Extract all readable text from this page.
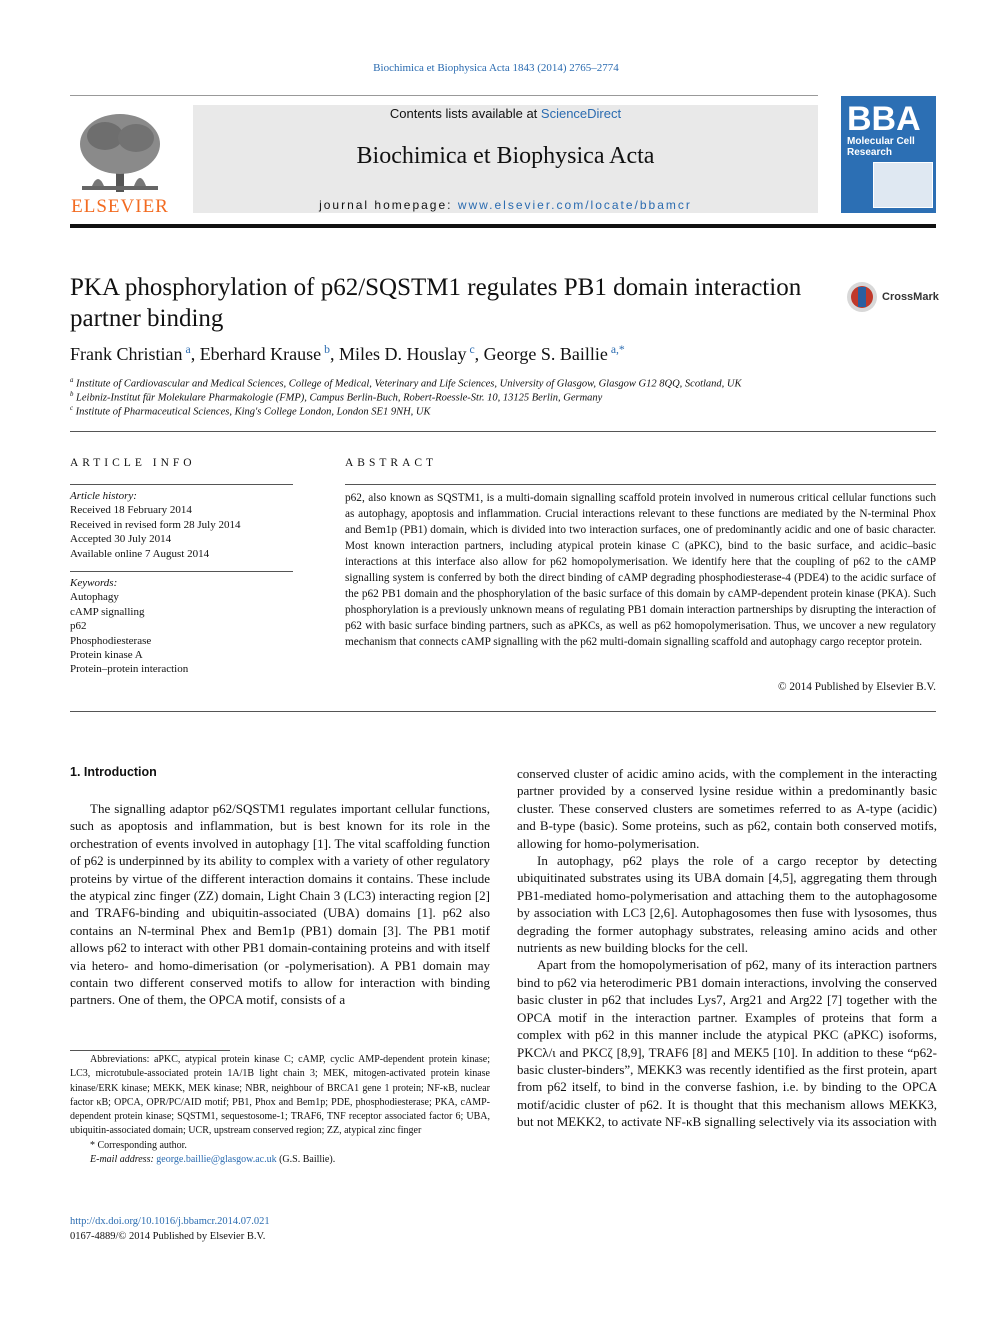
Biochimica et Biophysica Acta 1843 (2014) 2765–2774
ELSEVIER
Contents lists available at ScienceDirect
Biochimica et Biophysica Acta
journal homepage: www.elsevier.com/locate/bbamcr
BBA
Molecular Cell Research
PKA phosphorylation of p62/SQSTM1 regulates PB1 domain interaction partner binding
CrossMark
Frank Christian $^a$, Eberhard Krause $^b$, Miles D. Houslay $^c$, George S. Baillie $^{a,*}$
$^a$ Institute of Cardiovascular and Medical Sciences, College of Medical, Veterinary and Life Sciences, University of Glasgow, Glasgow G12 8QQ, Scotland, UK
$^b$ Leibniz-Institut für Molekulare Pharmakologie (FMP), Campus Berlin-Buch, Robert-Roessle-Str. 10, 13125 Berlin, Germany
$^c$ Institute of Pharmaceutical Sciences, King's College London, London SE1 9NH, UK
ARTICLE INFO
Article history:
Received 18 February 2014
Received in revised form 28 July 2014
Accepted 30 July 2014
Available online 7 August 2014
Keywords:
Autophagy
cAMP signalling
p62
Phosphodiesterase
Protein kinase A
Protein–protein interaction
ABSTRACT
p62, also known as SQSTM1, is a multi-domain signalling scaffold protein involved in numerous critical cellular functions such as autophagy, apoptosis and inflammation. Crucial interactions relevant to these functions are mediated by the N-terminal Phox and Bem1p (PB1) domain, which is divided into two interaction surfaces, one of predominantly acidic and one of basic character. Most known interaction partners, including atypical protein kinase C (aPKC), bind to the basic surface, and acidic–basic interactions at this interface also allow for p62 homopolymerisation. We identify here that the coupling of p62 to the cAMP signalling system is conferred by both the direct binding of cAMP degrading phosphodiesterase-4 (PDE4) to the acidic surface of the p62 PB1 domain and the phosphorylation of the basic surface of this domain by cAMP-dependent protein kinase (PKA). Such phosphorylation is a previously unknown means of regulating PB1 domain interaction partnerships by disrupting the interaction of p62 with basic surface binding partners, such as aPKCs, as well as p62 homopolymerisation. Thus, we uncover a new regulatory mechanism that connects cAMP signalling with the p62 multi-domain signalling scaffold and autophagy cargo receptor protein.
© 2014 Published by Elsevier B.V.
1. Introduction

The signalling adaptor p62/SQSTM1 regulates important cellular functions, such as apoptosis and inflammation, but is best known for its role in the orchestration of events involved in autophagy [1]. The vital scaffolding function of p62 is underpinned by its ability to complex with a variety of other regulatory proteins by virtue of the different interaction domains it contains. These include the atypical zinc finger (ZZ) domain, Light Chain 3 (LC3) interacting region [2] and TRAF6-binding and ubiquitin-associated (UBA) domains [1]. p62 also contains an N-terminal Phex and Bem1p (PB1) domain [3]. The PB1 motif allows p62 to interact with other PB1 domain-containing proteins and with itself via hetero- and homo-dimerisation (or -polymerisation). A PB1 domain may contain two different conserved motifs to allow for interaction with binding partners. One of them, the OPCA motif, consists of a

conserved cluster of acidic amino acids, with the complement in the interacting partner provided by a conserved lysine residue within a predominantly basic cluster. These conserved clusters are sometimes referred to as A-type (acidic) and B-type (basic). Some proteins, such as p62, contain both conserved motifs, allowing for homo-polymerisation.

In autophagy, p62 plays the role of a cargo receptor by detecting ubiquitinated substrates using its UBA domain [4,5], aggregating them through PB1-mediated homo-polymerisation and attaching them to the autophagosome by association with LC3 [2,6]. Autophagosomes then fuse with lysosomes, thus degrading the former autophagy substrates, releasing amino acids and other nutrients as new building blocks for the cell.

Apart from the homopolymerisation of p62, many of its interaction partners bind to p62 via heterodimeric PB1 domain interactions, involving the conserved basic cluster in p62 that includes Lys7, Arg21 and Arg22 [7] together with the OPCA motif in the interaction partner. Examples of proteins that form a complex with p62 in this manner include the atypical PKC (aPKC) isoforms, PKCλ/ι and PKCζ [8,9], TRAF6 [8] and MEK5 [10]. In addition to these “p62-basic cluster-binders”, MEKK3 was recently identified as the first protein, apart from p62 itself, to bind in the converse fashion, i.e. by binding to the OPCA motif/acidic cluster of p62. It is thought that this mechanism allows MEKK3, but not MEKK2, to activate NF-κB signalling selectively via its association with

Abbreviations: aPKC, atypical protein kinase C; cAMP, cyclic AMP-dependent protein kinase; LC3, microtubule-associated protein 1A/1B light chain 3; MEK, mitogen-activated protein kinase kinase/ERK kinase; MEKK, MEK kinase; NBR, neighbour of BRCA1 gene 1 protein; NF-κB, nuclear factor κB; OPCA, OPR/PC/AID motif; PB1, Phox and Bem1p; PDE, phosphodiesterase; PKA, cAMP-dependent protein kinase; SQSTM1, sequestosome-1; TRAF6, TNF receptor associated factor 6; UBA, ubiquitin-associated domain; UCR, upstream conserved region; ZZ, atypical zinc finger

* Corresponding author.

E-mail address: george.baillie@glasgow.ac.uk (G.S. Baillie).

http://dx.doi.org/10.1016/j.bbamcr.2014.07.021
0167-4889/© 2014 Published by Elsevier B.V.
